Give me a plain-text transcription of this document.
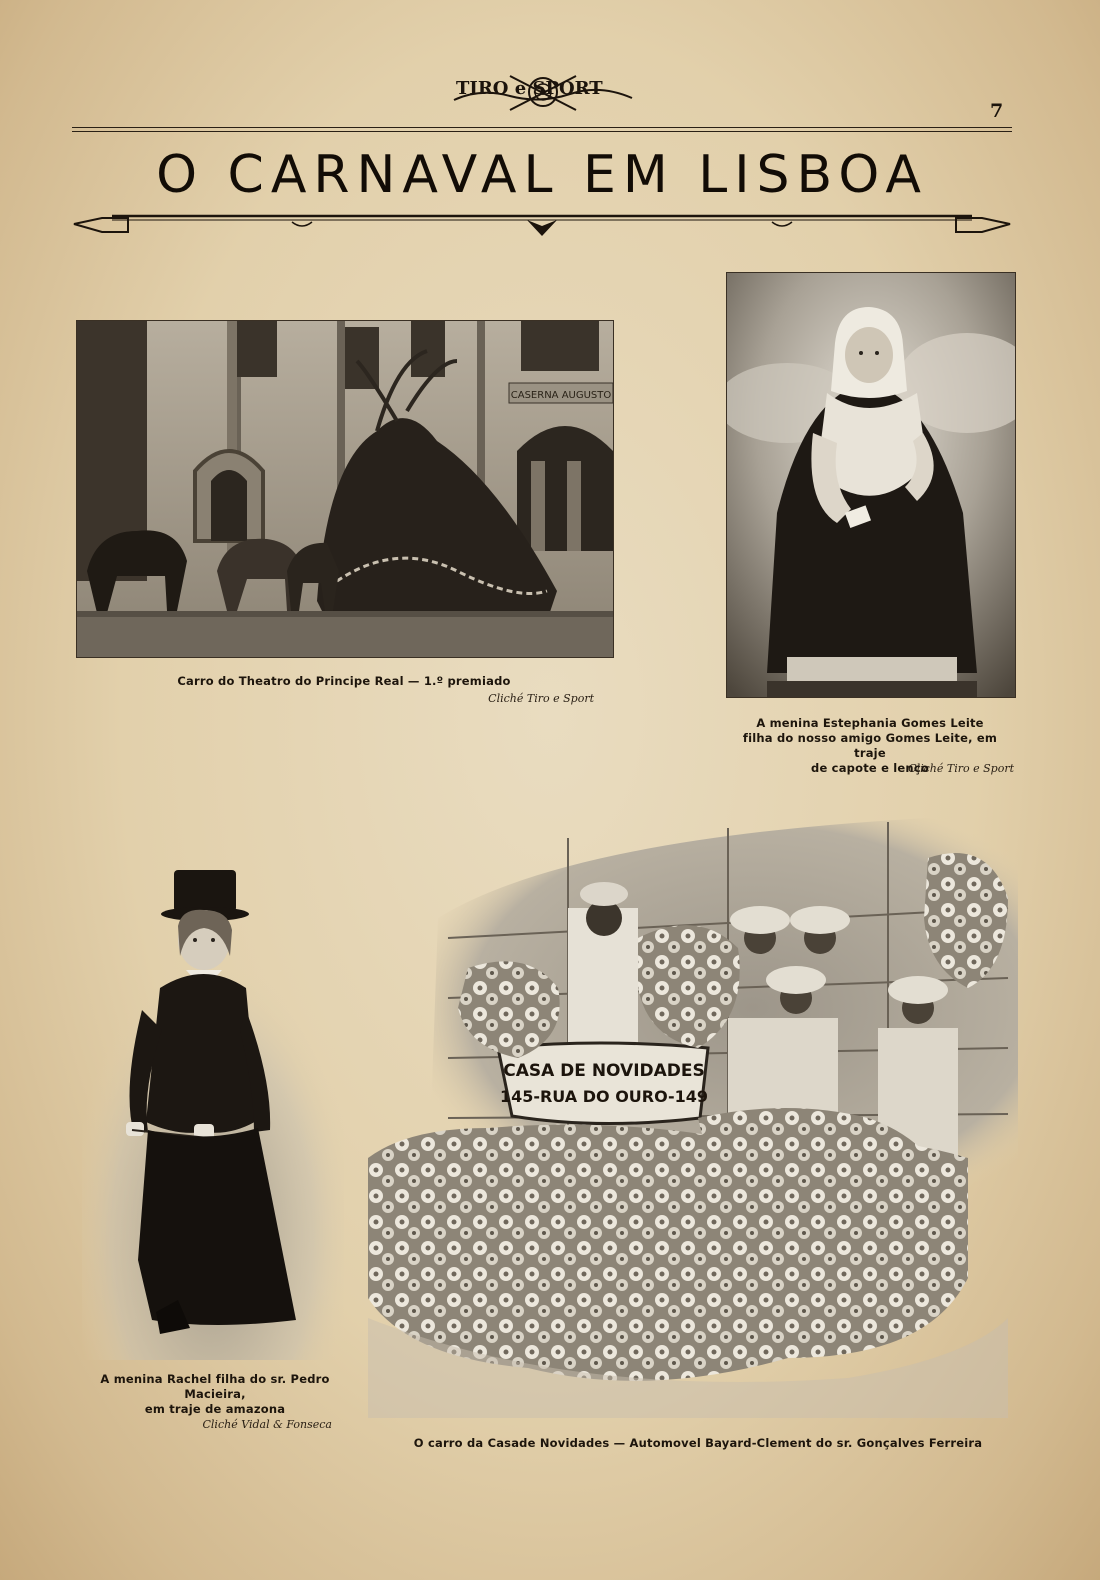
TIRO e SPORT
7
O CARNAVAL EM LISBOA
CASERNA AUGUSTO
Carro do Theatro do Principe Real — 1.º premiado
Cliché Tiro e Sport
A menina Estephania Gomes Leite
filha do nosso amigo Gomes Leite, em traje
de capote e lenço
Cliché Tiro e Sport
A menina Rachel filha do sr. Pedro Macieira,
em traje de amazona
Cliché Vidal & Fonseca
CASA DE NOVIDADES
145-RUA DO OURO-149
O carro da Casade Novidades — Automovel Bayard-Clement do sr. Gonçalves Ferreira
